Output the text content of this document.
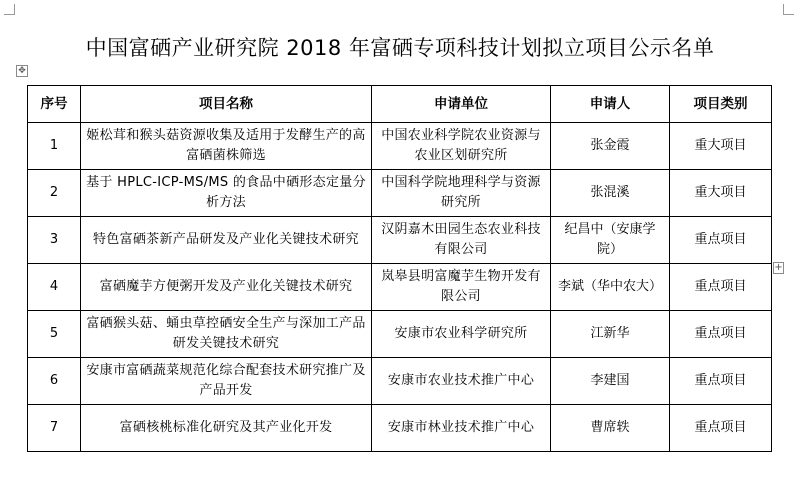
中国富硒产业研究院 2018 年富硒专项科技计划拟立项目公示名单
✥
+
序号	项目名称	申请单位	申请人	项目类别
1	姬松茸和猴头菇资源收集及适用于发酵生产的高富硒菌株筛选	中国农业科学院农业资源与农业区划研究所	张金霞	重大项目
2	基于 HPLC-ICP-MS/MS 的食品中硒形态定量分析方法	中国科学院地理科学与资源研究所	张混溪	重大项目
3	特色富硒茶新产品研发及产业化关键技术研究	汉阴嘉木田园生态农业科技有限公司	纪昌中（安康学院）	重点项目
4	富硒魔芋方便粥开发及产业化关键技术研究	岚皋县明富魔芋生物开发有限公司	李斌（华中农大）	重点项目
5	富硒猴头菇、蛹虫草控硒安全生产与深加工产品研发关键技术研究	安康市农业科学研究所	江新华	重点项目
6	安康市富硒蔬菜规范化综合配套技术研究推广及产品开发	安康市农业技术推广中心	李建国	重点项目
7	富硒核桃标准化研究及其产业化开发	安康市林业技术推广中心	曹席轶	重点项目
